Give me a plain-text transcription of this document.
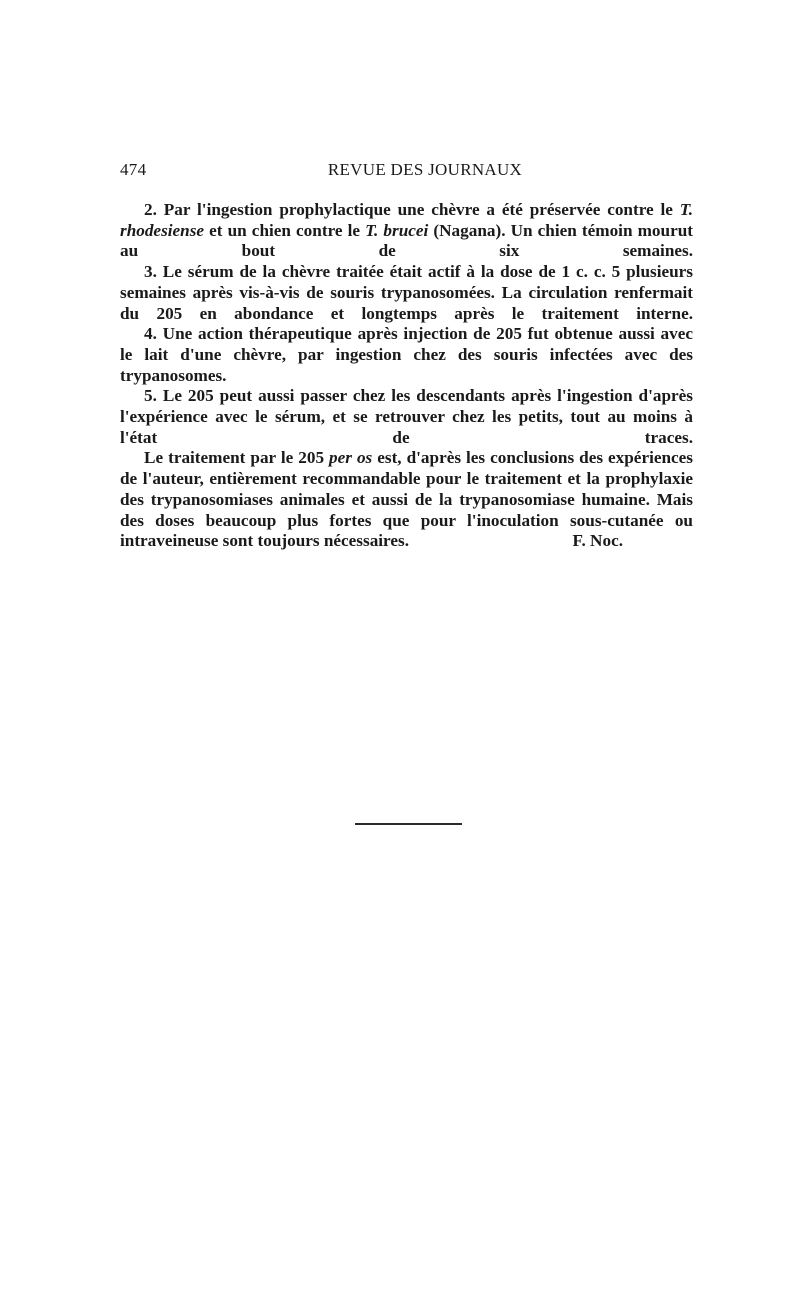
474	REVUE DES JOURNAUX

2. Par l'ingestion prophylactique une chèvre a été préservée contre le T. rhodesiense et un chien contre le T. brucei (Nagana). Un chien témoin mourut au bout de six semaines.

3. Le sérum de la chèvre traitée était actif à la dose de 1 c. c. 5 plusieurs semaines après vis-à-vis de souris trypanosomées. La circulation renfermait du 205 en abondance et longtemps après le traitement interne.

4. Une action thérapeutique après injection de 205 fut obtenue aussi avec le lait d'une chèvre, par ingestion chez des souris infectées avec des trypanosomes.

5. Le 205 peut aussi passer chez les descendants après l'ingestion d'après l'expérience avec le sérum, et se retrouver chez les petits, tout au moins à l'état de traces.

Le traitement par le 205 per os est, d'après les conclusions des expériences de l'auteur, entièrement recommandable pour le traitement et la prophylaxie des trypanosomiases animales et aussi de la trypanosomiase humaine. Mais des doses beaucoup plus fortes que pour l'inoculation sous-cutanée ou intraveineuse sont toujours nécessaires.	F. Noc.
